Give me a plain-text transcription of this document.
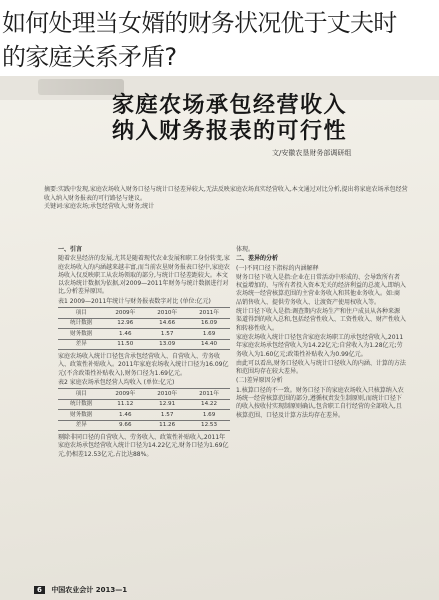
如何处理当女婿的财务状况优于丈夫时
的家庭关系矛盾?
家庭农场承包经营收入
纳入财务报表的可行性
文/安徽农垦财务部调研组

摘要:实践中发现,家庭农场收入财务口径与统计口径差异较大,无法反映家庭农场真实经营收入,本文通过对比分析,提出将家庭农场承包经营收入纳入财务报表的可行路径与建议。

关键词:家庭农场;承包经营收入;财务;统计

一、引言

随着农垦经济的发展,尤其是随着现代农业发展和职工身份转变,家庭农场收入的内涵越来越丰富,而当前农垦财务报表口径中,家庭农场收入仅反映职工从农场领取的部分,与统计口径差距较大。本文以农场统计数据为依据,对2009—2011年财务与统计数据进行对比,分析差异原因。

表1 2009—2011年统计与财务报表数字对比 (单位:亿元)

项目	2009年	2010年	2011年
统计数据	12.96	14.66	16.09
财务数据	1.46	1.57	1.69
差异	11.50	13.09	14.40

家庭农场收入统计口径包含承包经营收入、自营收入、劳务收入、政策性补贴收入。2011年家庭农场收入统计口径为16.09亿元(不含政策性补贴收入),财务口径为1.69亿元。

表2 家庭农场承包经营人均收入 (单位:亿元)

项目	2009年	2010年	2011年
统计数据	11.12	12.91	14.22
财务数据	1.46	1.57	1.69
差异	9.66	11.26	12.53

剔除非同口径的自营收入、劳务收入、政策性补贴收入,2011年家庭农场承包经营收入统计口径为14.22亿元,财务口径为1.69亿元,仍相差12.53亿元,占比达88%。

体现。

二、差异的分析

(一)不同口径下指标的内涵解释

财务口径下收入是指:企业在日常活动中形成的、会导致所有者权益增加的、与所有者投入资本无关的经济利益的总流入,即纳入农场统一经营核算范围的主营业务收入和其他业务收入。如:商品销售收入、提供劳务收入、让渡资产使用权收入等。

统计口径下收入是指:调查期内农场生产和住户成员从各种来源渠道得到的收入总和,包括经营性收入、工资性收入、财产性收入和转移性收入。

家庭农场收入统计口径包含家庭农场职工的承包经营收入,2011年家庭农场承包经营收入为14.22亿元;自营收入为1.28亿元;劳务收入为1.60亿元;政策性补贴收入为0.99亿元。

由此可以看出,财务口径收入与统计口径收入的内涵、计算的方法和范围均存在较大差异。

(二)差异原因分析

1.核算口径的不一致。财务口径下的家庭农场收入只核算纳入农场统一经营核算范围的部分,遵循权责发生制原则,而统计口径下的收入按收付实现制原则确认,包含职工自行经营的全部收入,且核算范围、口径及计算方法均存在差异。

6 中国农业会计 2013—1
